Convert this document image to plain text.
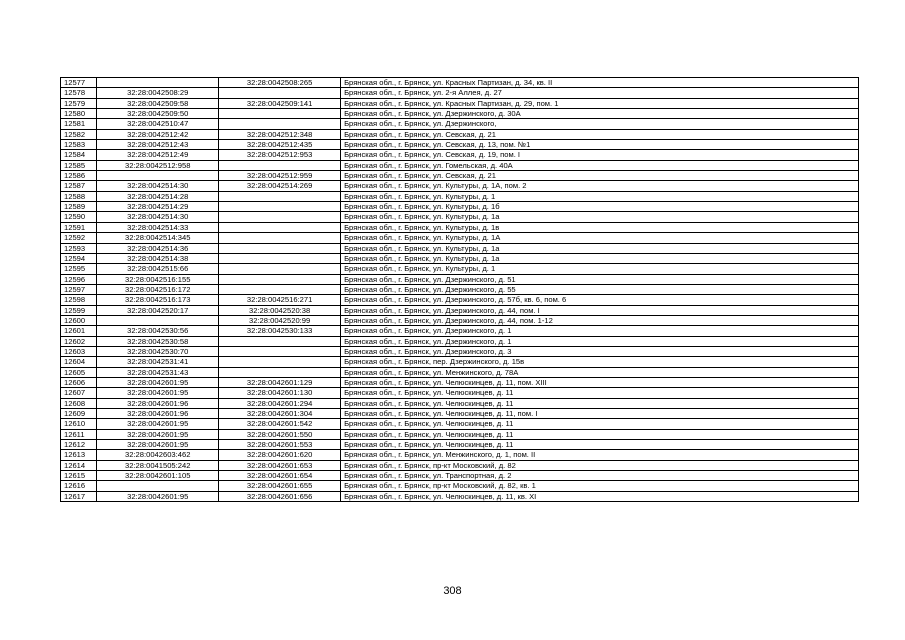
12577		32:28:0042508:265	Брянская обл., г. Брянск, ул. Красных Партизан, д. 34, кв. II
12578	32:28:0042508:29		Брянская обл., г. Брянск, ул. 2-я Аллея, д. 27
12579	32:28:0042509:58	32:28:0042509:141	Брянская обл., г. Брянск, ул. Красных Партизан, д. 29, пом. 1
12580	32:28:0042509:50		Брянская обл., г. Брянск, ул. Дзержинского, д. 30А
12581	32:28:0042510:47		Брянская обл., г. Брянск, ул. Дзержинского,
12582	32:28:0042512:42	32:28:0042512:348	Брянская обл., г. Брянск, ул. Севская, д. 21
12583	32:28:0042512:43	32:28:0042512:435	Брянская обл., г. Брянск, ул. Севская, д. 13, пом. №1
12584	32:28:0042512:49	32:28:0042512:953	Брянская обл., г. Брянск, ул. Севская, д. 19, пом. I
12585	32:28:0042512:958		Брянская обл., г. Брянск, ул. Гомельская, д. 40А
12586		32:28:0042512:959	Брянская обл., г. Брянск, ул. Севская, д. 21
12587	32:28:0042514:30	32:28:0042514:269	Брянская обл., г. Брянск, ул. Культуры, д. 1А, пом. 2
12588	32:28:0042514:28		Брянская обл., г. Брянск, ул. Культуры, д. 1
12589	32:28:0042514:29		Брянская обл., г. Брянск, ул. Культуры, д. 1б
12590	32:28:0042514:30		Брянская обл., г. Брянск, ул. Культуры, д. 1а
12591	32:28:0042514:33		Брянская обл., г. Брянск, ул. Культуры, д. 1в
12592	32:28:0042514:345		Брянская обл., г. Брянск, ул. Культуры, д. 1А
12593	32:28:0042514:36		Брянская обл., г. Брянск, ул. Культуры, д. 1а
12594	32:28:0042514:38		Брянская обл., г. Брянск, ул. Культуры, д. 1а
12595	32:28:0042515:66		Брянская обл., г. Брянск, ул. Культуры, д. 1
12596	32:28:0042516:155		Брянская обл., г. Брянск, ул. Дзержинского, д. 51
12597	32:28:0042516:172		Брянская обл., г. Брянск, ул. Дзержинского, д. 55
12598	32:28:0042516:173	32:28:0042516:271	Брянская обл., г. Брянск, ул. Дзержинского, д. 57б, кв. 6, пом. 6
12599	32:28:0042520:17	32:28:0042520:38	Брянская обл., г. Брянск, ул. Дзержинского, д. 44, пом. I
12600		32:28:0042520:99	Брянская обл., г. Брянск, ул. Дзержинского, д. 44, пом. 1-12
12601	32:28:0042530:56	32:28:0042530:133	Брянская обл., г. Брянск, ул. Дзержинского, д. 1
12602	32:28:0042530:58		Брянская обл., г. Брянск, ул. Дзержинского, д. 1
12603	32:28:0042530:70		Брянская обл., г. Брянск, ул. Дзержинского, д. 3
12604	32:28:0042531:41		Брянская обл., г. Брянск, пер. Дзержинского, д. 15в
12605	32:28:0042531:43		Брянская обл., г. Брянск, ул. Менжинского, д. 78А
12606	32:28:0042601:95	32:28:0042601:129	Брянская обл., г. Брянск, ул. Челюскинцев, д. 11, пом. XIII
12607	32:28:0042601:95	32:28:0042601:130	Брянская обл., г. Брянск, ул. Челюскинцев, д. 11
12608	32:28:0042601:96	32:28:0042601:294	Брянская обл., г. Брянск, ул. Челюскинцев, д. 11
12609	32:28:0042601:96	32:28:0042601:304	Брянская обл., г. Брянск, ул. Челюскинцев, д. 11, пом. I
12610	32:28:0042601:95	32:28:0042601:542	Брянская обл., г. Брянск, ул. Челюскинцев, д. 11
12611	32:28:0042601:95	32:28:0042601:550	Брянская обл., г. Брянск, ул. Челюскинцев, д. 11
12612	32:28:0042601:95	32:28:0042601:553	Брянская обл., г. Брянск, ул. Челюскинцев, д. 11
12613	32:28:0042603:462	32:28:0042601:620	Брянская обл., г. Брянск, ул. Менжинского, д. 1, пом. II
12614	32:28:0041505:242	32:28:0042601:653	Брянская обл., г. Брянск, пр-кт Московский, д. 82
12615	32:28:0042601:105	32:28:0042601:654	Брянская обл., г. Брянск, ул. Транспортная, д. 2
12616		32:28:0042601:655	Брянская обл., г. Брянск, пр-кт Московский, д. 82, кв. 1
12617	32:28:0042601:95	32:28:0042601:656	Брянская обл., г. Брянск, ул. Челюскинцев, д. 11, кв. XI
308
